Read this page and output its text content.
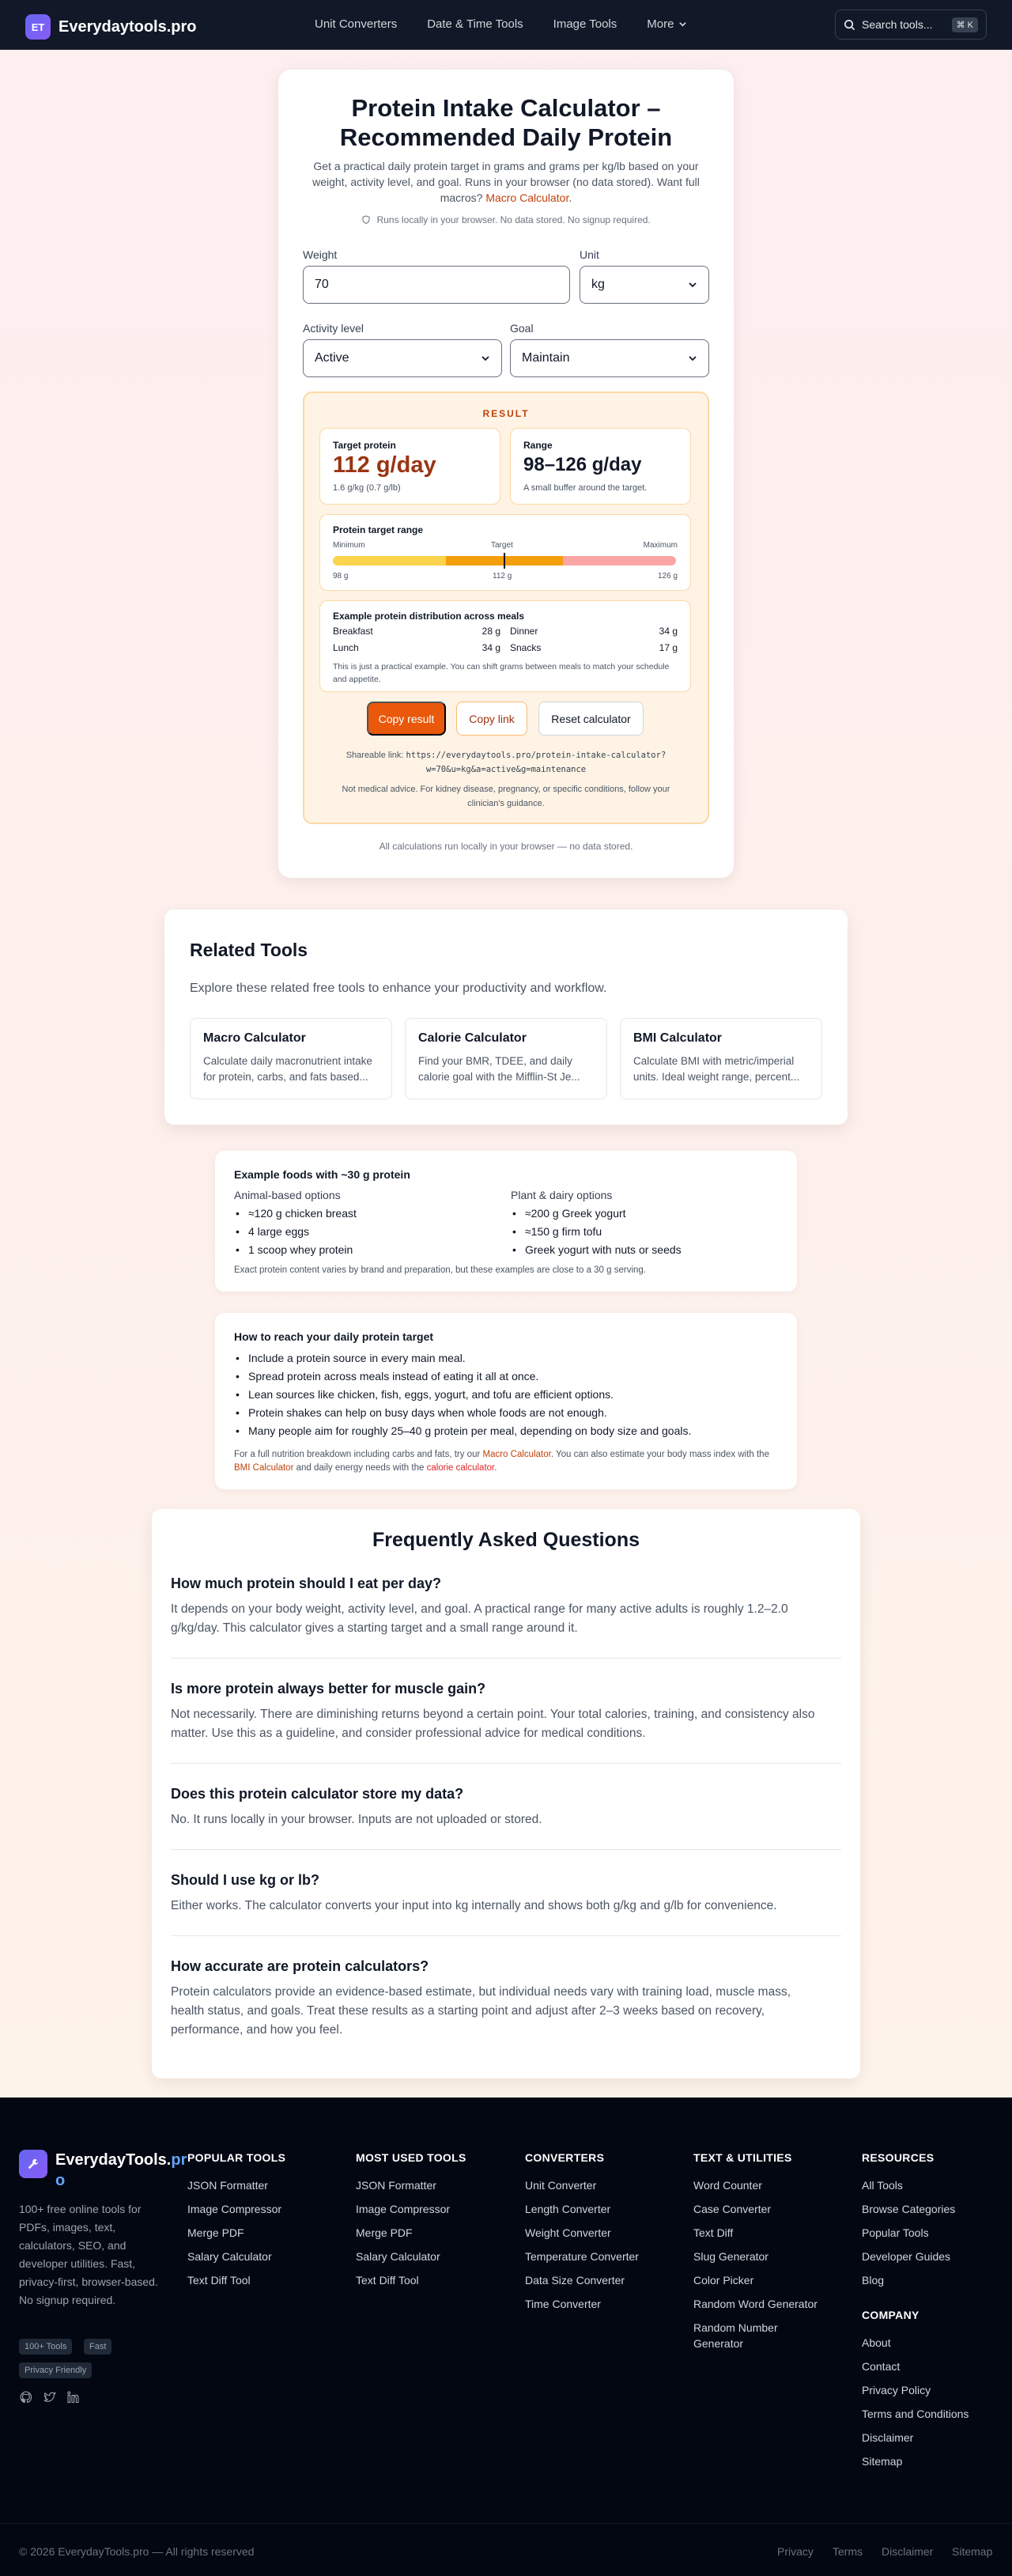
ET Everydaytools.pro	Unit Converters	Date & Time Tools	Image Tools	More	Search tools...	⌘ K
Protein Intake Calculator – Recommended Daily Protein

Get a practical daily protein target in grams and grams per kg/lb based on your weight, activity level, and goal. Runs in your browser (no data stored). Want full macros? Macro Calculator.

Runs locally in your browser. No data stored. No signup required.
Weight
70
Unit
kg
Activity level
Active
Goal
Maintain
RESULT
Target protein
112 g/day
1.6 g/kg (0.7 g/lb)
Range
98–126 g/day
A small buffer around the target.
Protein target range
Minimum	Target	Maximum
98 g	112 g	126 g
Example protein distribution across meals
Breakfast	28 g Dinner	34 g
Lunch	34 g Snacks	17 g
This is just a practical example. You can shift grams between meals to match your schedule and appetite.
Copy result	Copy link	Reset calculator
Shareable link: https://everydaytools.pro/protein-intake-calculator?w=70&u=kg&a=active&g=maintenance
Not medical advice. For kidney disease, pregnancy, or specific conditions, follow your clinician's guidance.
All calculations run locally in your browser — no data stored.
Related Tools

Explore these related free tools to enhance your productivity and workflow.

Macro Calculator
Calculate daily macronutrient intake for protein, carbs, and fats based...
Calorie Calculator
Find your BMR, TDEE, and daily calorie goal with the Mifflin-St Je...
BMI Calculator
Calculate BMI with metric/imperial units. Ideal weight range, percent...
Example foods with ~30 g protein
Animal-based options
• ≈120 g chicken breast
• 4 large eggs
• 1 scoop whey protein
Plant & dairy options
• ≈200 g Greek yogurt
• ≈150 g firm tofu
• Greek yogurt with nuts or seeds
Exact protein content varies by brand and preparation, but these examples are close to a 30 g serving.
How to reach your daily protein target
• Include a protein source in every main meal.
• Spread protein across meals instead of eating it all at once.
• Lean sources like chicken, fish, eggs, yogurt, and tofu are efficient options.
• Protein shakes can help on busy days when whole foods are not enough.
• Many people aim for roughly 25–40 g protein per meal, depending on body size and goals.
For a full nutrition breakdown including carbs and fats, try our Macro Calculator. You can also estimate your body mass index with the BMI Calculator and daily energy needs with the calorie calculator.
Frequently Asked Questions
How much protein should I eat per day?

It depends on your body weight, activity level, and goal. A practical range for many active adults is roughly 1.2–2.0 g/kg/day. This calculator gives a starting target and a small range around it.

Is more protein always better for muscle gain?

Not necessarily. There are diminishing returns beyond a certain point. Your total calories, training, and consistency also matter. Use this as a guideline, and consider professional advice for medical conditions.

Does this protein calculator store my data?

No. It runs locally in your browser. Inputs are not uploaded or stored.

Should I use kg or lb?

Either works. The calculator converts your input into kg internally and shows both g/kg and g/lb for convenience.

How accurate are protein calculators?

Protein calculators provide an evidence-based estimate, but individual needs vary with training load, muscle mass, health status, and goals. Treat these results as a starting point and adjust after 2–3 weeks based on recovery, performance, and how you feel.

EverydayTools.pr
o

100+ free online tools for PDFs, images, text, calculators, SEO, and developer utilities. Fast, privacy-first, browser-based. No signup required.

100+ Tools	Fast
Privacy Friendly
POPULAR TOOLS
JSON Formatter
Image Compressor
Merge PDF
Salary Calculator
Text Diff Tool
MOST USED TOOLS
JSON Formatter
Image Compressor
Merge PDF
Salary Calculator
Text Diff Tool
CONVERTERS
Unit Converter
Length Converter
Weight Converter
Temperature Converter
Data Size Converter
Time Converter
TEXT & UTILITIES
Word Counter
Case Converter
Text Diff
Slug Generator
Color Picker
Random Word Generator
Random Number Generator
RESOURCES
All Tools
Browse Categories
Popular Tools
Developer Guides
Blog
COMPANY
About
Contact
Privacy Policy
Terms and Conditions
Disclaimer
Sitemap
© 2026 EverydayTools.pro — All rights reserved	Privacy Terms Disclaimer Sitemap
